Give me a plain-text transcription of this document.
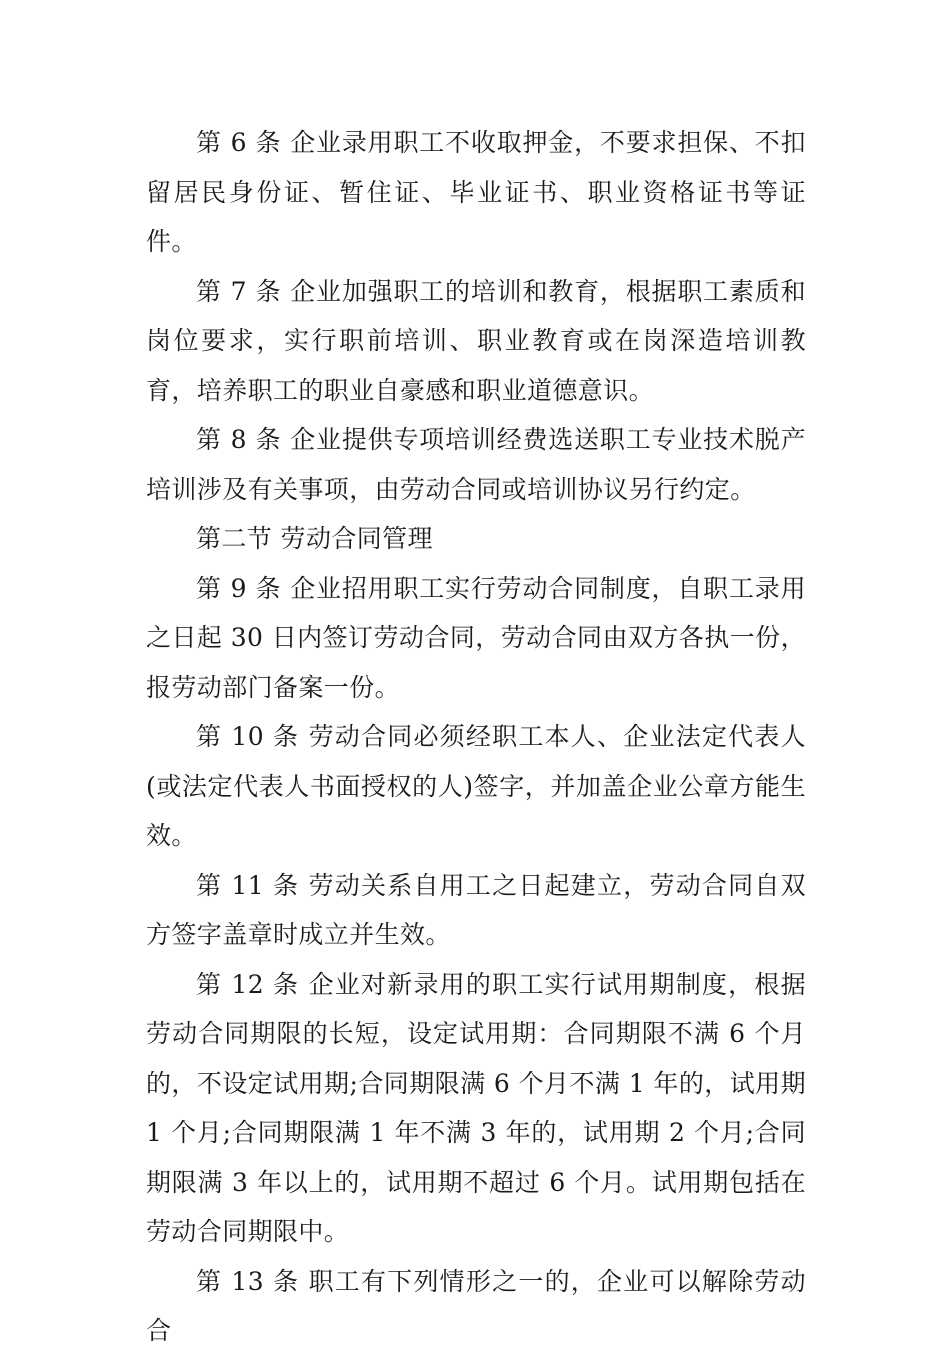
第 6 条 企业录用职工不收取押金，不要求担保、不扣留居民身份证、暂住证、毕业证书、职业资格证书等证件。

第 7 条 企业加强职工的培训和教育，根据职工素质和岗位要求，实行职前培训、职业教育或在岗深造培训教育，培养职工的职业自豪感和职业道德意识。

第 8 条 企业提供专项培训经费选送职工专业技术脱产培训涉及有关事项，由劳动合同或培训协议另行约定。

第二节 劳动合同管理

第 9 条 企业招用职工实行劳动合同制度，自职工录用之日起 30 日内签订劳动合同，劳动合同由双方各执一份，报劳动部门备案一份。

第 10 条 劳动合同必须经职工本人、企业法定代表人(或法定代表人书面授权的人)签字，并加盖企业公章方能生效。

第 11 条 劳动关系自用工之日起建立，劳动合同自双方签字盖章时成立并生效。

第 12 条 企业对新录用的职工实行试用期制度，根据劳动合同期限的长短，设定试用期：合同期限不满 6 个月的，不设定试用期;合同期限满 6 个月不满 1 年的，试用期 1 个月;合同期限满 1 年不满 3 年的，试用期 2 个月;合同期限满 3 年以上的，试用期不超过 6 个月。试用期包括在劳动合同期限中。

第 13 条 职工有下列情形之一的，企业可以解除劳动合
